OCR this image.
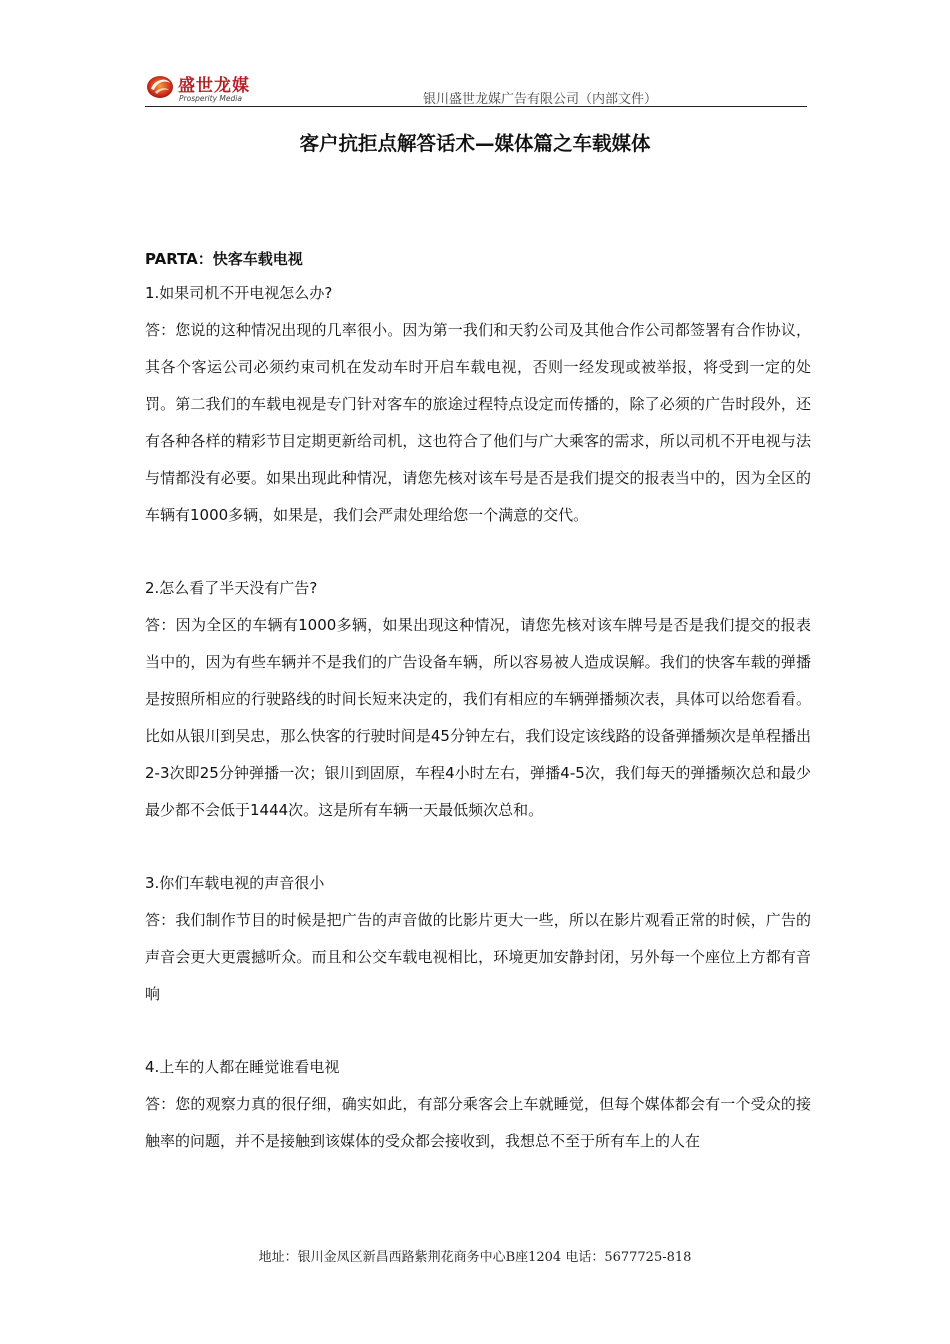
盛世龙媒
Prosperity Media	银川盛世龙媒广告有限公司（内部文件）
客户抗拒点解答话术—媒体篇之车载媒体

PARTA：快客车载电视

1.如果司机不开电视怎么办?

答：您说的这种情况出现的几率很小。因为第一我们和天豹公司及其他合作公司都签署有合作协议，其各个客运公司必须约束司机在发动车时开启车载电视，否则一经发现或被举报，将受到一定的处罚。第二我们的车载电视是专门针对客车的旅途过程特点设定而传播的，除了必须的广告时段外，还有各种各样的精彩节目定期更新给司机，这也符合了他们与广大乘客的需求，所以司机不开电视与法与情都没有必要。如果出现此种情况，请您先核对该车号是否是我们提交的报表当中的，因为全区的车辆有1000多辆，如果是，我们会严肃处理给您一个满意的交代。

2.怎么看了半天没有广告?

答：因为全区的车辆有1000多辆，如果出现这种情况，请您先核对该车牌号是否是我们提交的报表当中的，因为有些车辆并不是我们的广告设备车辆，所以容易被人造成误解。我们的快客车载的弹播是按照所相应的行驶路线的时间长短来决定的，我们有相应的车辆弹播频次表，具体可以给您看看。比如从银川到吴忠，那么快客的行驶时间是45分钟左右，我们设定该线路的设备弹播频次是单程播出2-3次即25分钟弹播一次；银川到固原，车程4小时左右，弹播4-5次，我们每天的弹播频次总和最少最少都不会低于1444次。这是所有车辆一天最低频次总和。

3.你们车载电视的声音很小

答：我们制作节目的时候是把广告的声音做的比影片更大一些，所以在影片观看正常的时候，广告的声音会更大更震撼听众。而且和公交车载电视相比，环境更加安静封闭，另外每一个座位上方都有音响

4.上车的人都在睡觉谁看电视

答：您的观察力真的很仔细，确实如此，有部分乘客会上车就睡觉，但每个媒体都会有一个受众的接触率的问题，并不是接触到该媒体的受众都会接收到，我想总不至于所有车上的人在

地址：银川金凤区新昌西路紫荆花商务中心B座1204 电话：5677725-818
